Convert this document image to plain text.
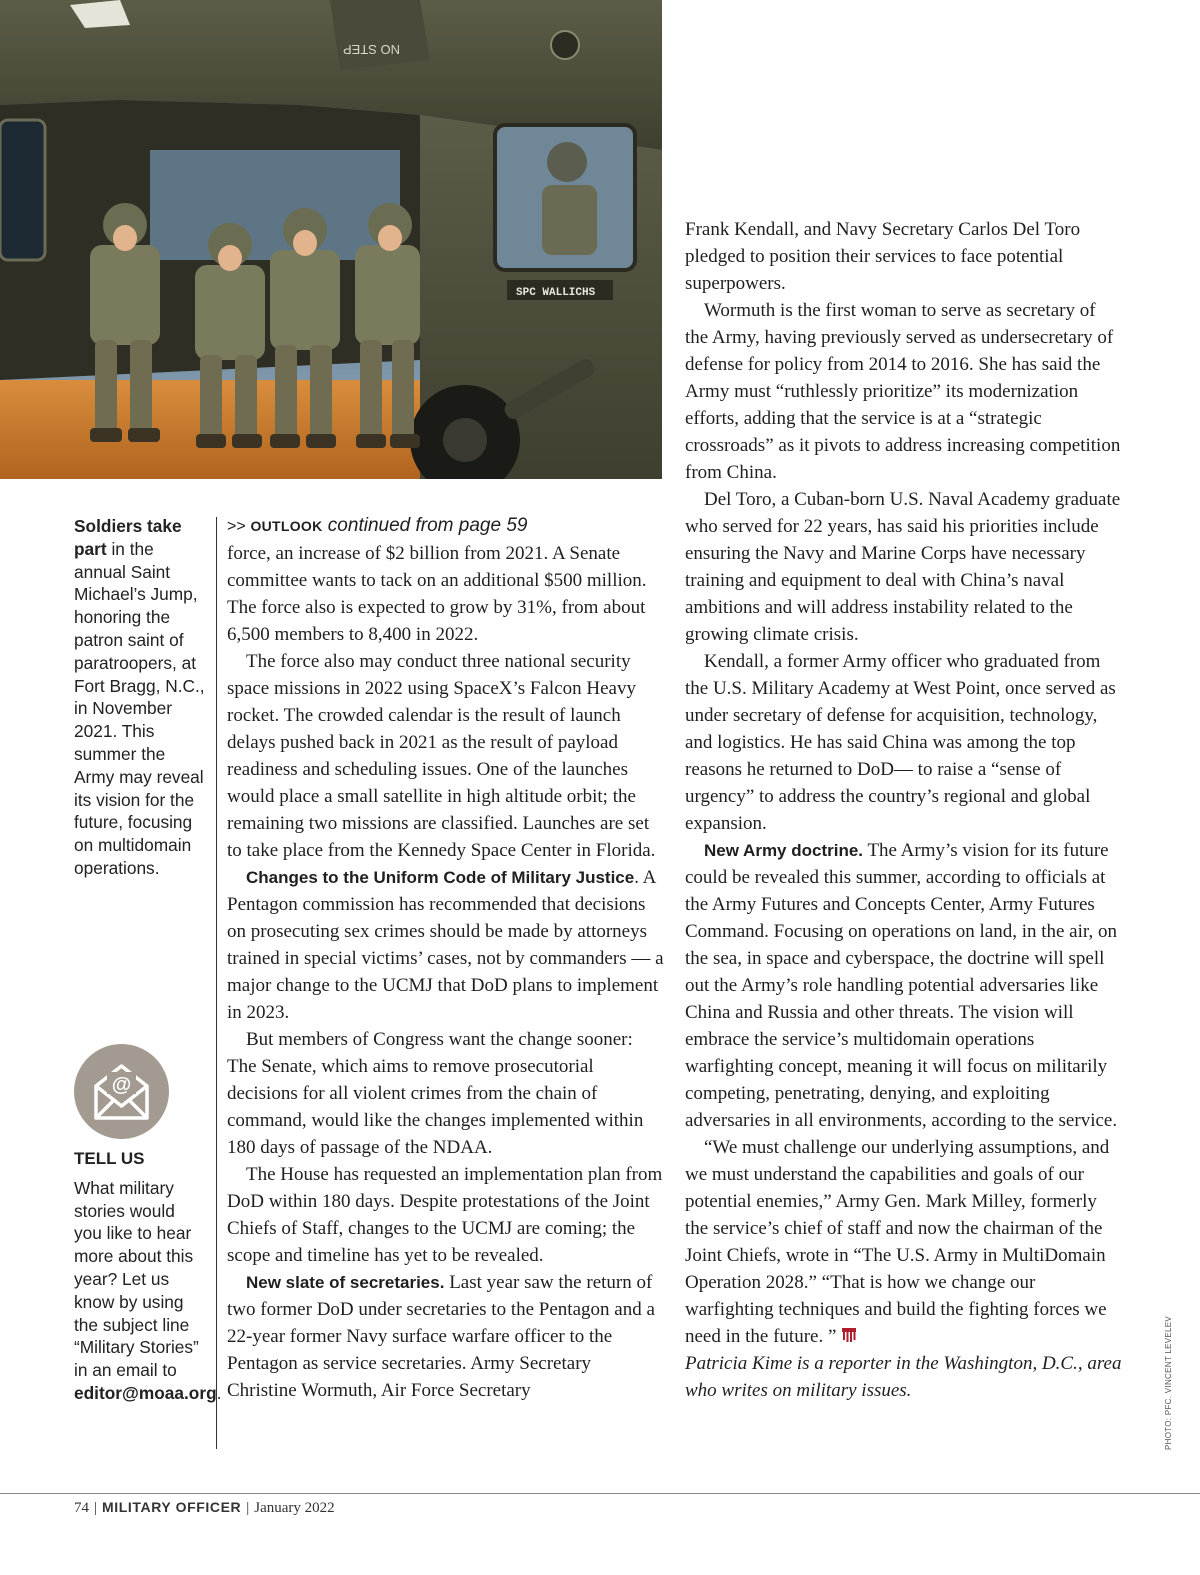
NO STEP
SPC WALLICHS
PHOTO: PFC. VINCENT LEVELEV
Soldiers take part in the annual Saint Michael’s Jump, honoring the patron saint of paratroopers, at Fort Bragg, N.C., in November 2021. This summer the Army may reveal its vision for the future, focusing on multidomain operations.
@
TELL US
What military stories would you like to hear more about this year? Let us know by using the subject line “Military Stories” in an email to editor@moaa.org.
>> OUTLOOK continued from page 59

force, an increase of $2 billion from 2021. A Senate committee wants to tack on an additional $500 million. The force also is expected to grow by 31%, from about 6,500 members to 8,400 in 2022.

The force also may conduct three national security space missions in 2022 using SpaceX’s Falcon Heavy rocket. The crowded calendar is the result of launch delays pushed back in 2021 as the result of payload readiness and scheduling issues. One of the launches would place a small satellite in high altitude orbit; the remaining two missions are classified. Launches are set to take place from the Kennedy Space Center in Florida.

Changes to the Uniform Code of Military Justice. A Pentagon commission has recommended that decisions on prosecuting sex crimes should be made by attorneys trained in special victims’ cases, not by commanders — a major change to the UCMJ that DoD plans to implement in 2023.

But members of Congress want the change sooner: The Senate, which aims to remove prosecutorial decisions for all violent crimes from the chain of command, would like the changes implemented within 180 days of passage of the NDAA.

The House has requested an implementation plan from DoD within 180 days. Despite protestations of the Joint Chiefs of Staff, changes to the UCMJ are coming; the scope and timeline has yet to be revealed.

New slate of secretaries. Last year saw the return of two former DoD under secretaries to the Pentagon and a 22-year former Navy surface warfare officer to the Pentagon as service secretaries. Army Secretary Christine Wormuth, Air Force Secretary

Frank Kendall, and Navy Secretary Carlos Del Toro pledged to position their services to face potential superpowers.

Wormuth is the first woman to serve as secretary of the Army, having previously served as undersecretary of defense for policy from 2014 to 2016. She has said the Army must “ruthlessly prioritize” its modernization efforts, adding that the service is at a “strategic crossroads” as it pivots to address increasing competition from China.

Del Toro, a Cuban-born U.S. Naval Academy graduate who served for 22 years, has said his priorities include ensuring the Navy and Marine Corps have necessary training and equipment to deal with China’s naval ambitions and will address instability related to the growing climate crisis.

Kendall, a former Army officer who graduated from the U.S. Military Academy at West Point, once served as under secretary of defense for acquisition, technology, and logistics. He has said China was among the top reasons he returned to DoD— to raise a “sense of urgency” to address the country’s regional and global expansion.

New Army doctrine. The Army’s vision for its future could be revealed this summer, according to officials at the Army Futures and Concepts Center, Army Futures Command. Focusing on operations on land, in the air, on the sea, in space and cyberspace, the doctrine will spell out the Army’s role handling potential adversaries like China and Russia and other threats. The vision will embrace the service’s multidomain operations warfighting concept, meaning it will focus on militarily competing, penetrating, denying, and exploiting adversaries in all environments, according to the service.

“We must challenge our underlying assumptions, and we must understand the capabilities and goals of our potential enemies,” Army Gen. Mark Milley, formerly the service’s chief of staff and now the chairman of the Joint Chiefs, wrote in “The U.S. Army in MultiDomain Operation 2028.” “That is how we change our warfighting techniques and build the fighting forces we need in the future. ”

Patricia Kime is a reporter in the Washington, D.C., area who writes on military issues.

74 | MILITARY OFFICER | January 2022
